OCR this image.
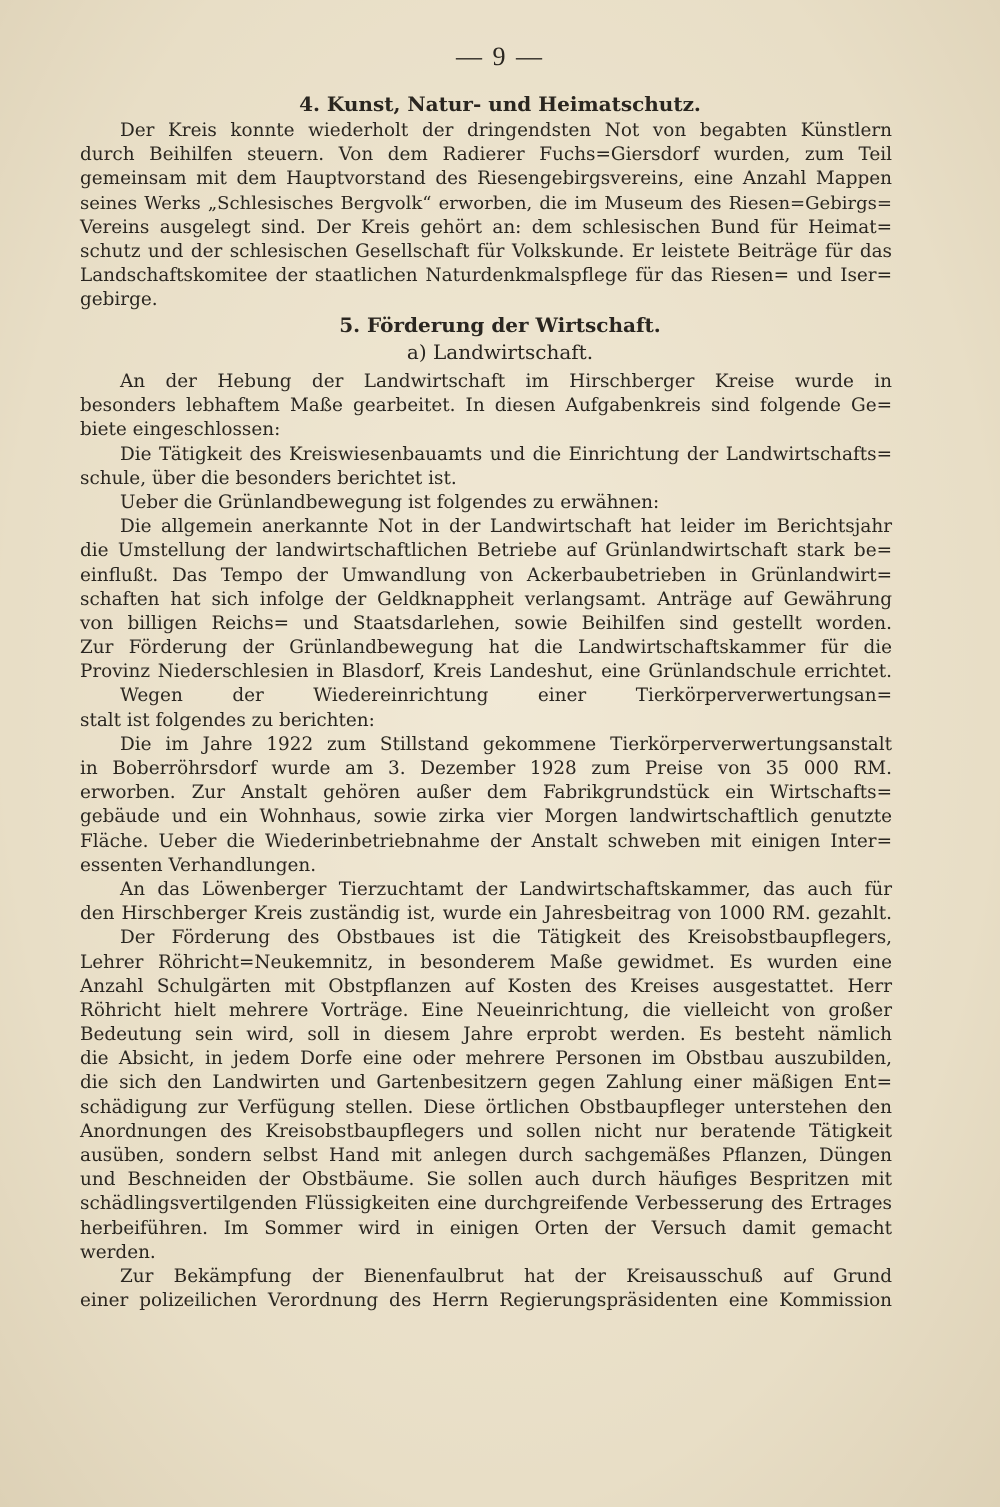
— 9 —
4. Kunst, Natur- und Heimatschutz.
Der Kreis konnte wiederholt der dringendsten Not von begabten Künstlern
durch Beihilfen steuern. Von dem Radierer Fuchs=Giersdorf wurden, zum Teil
gemeinsam mit dem Hauptvorstand des Riesengebirgsvereins, eine Anzahl Mappen
seines Werks „Schlesisches Bergvolk“ erworben, die im Museum des Riesen=Gebirgs=
Vereins ausgelegt sind. Der Kreis gehört an: dem schlesischen Bund für Heimat=
schutz und der schlesischen Gesellschaft für Volkskunde. Er leistete Beiträge für das
Landschaftskomitee der staatlichen Naturdenkmalspflege für das Riesen= und Iser=
gebirge.
5. Förderung der Wirtschaft.
a) Landwirtschaft.
An der Hebung der Landwirtschaft im Hirschberger Kreise wurde in
besonders lebhaftem Maße gearbeitet. In diesen Aufgabenkreis sind folgende Ge=
biete eingeschlossen:
Die Tätigkeit des Kreiswiesenbauamts und die Einrichtung der Landwirtschafts=
schule, über die besonders berichtet ist.
Ueber die Grünlandbewegung ist folgendes zu erwähnen:
Die allgemein anerkannte Not in der Landwirtschaft hat leider im Berichtsjahr
die Umstellung der landwirtschaftlichen Betriebe auf Grünlandwirtschaft stark be=
einflußt. Das Tempo der Umwandlung von Ackerbaubetrieben in Grünlandwirt=
schaften hat sich infolge der Geldknappheit verlangsamt. Anträge auf Gewährung
von billigen Reichs= und Staatsdarlehen, sowie Beihilfen sind gestellt worden.
Zur Förderung der Grünlandbewegung hat die Landwirtschaftskammer für die
Provinz Niederschlesien in Blasdorf, Kreis Landeshut, eine Grünlandschule errichtet.
Wegen der Wiedereinrichtung einer Tierkörperverwertungsan=
stalt ist folgendes zu berichten:
Die im Jahre 1922 zum Stillstand gekommene Tierkörperverwertungsanstalt
in Boberröhrsdorf wurde am 3. Dezember 1928 zum Preise von 35 000 RM.
erworben. Zur Anstalt gehören außer dem Fabrikgrundstück ein Wirtschafts=
gebäude und ein Wohnhaus, sowie zirka vier Morgen landwirtschaftlich genutzte
Fläche. Ueber die Wiederinbetriebnahme der Anstalt schweben mit einigen Inter=
essenten Verhandlungen.
An das Löwenberger Tierzuchtamt der Landwirtschaftskammer, das auch für
den Hirschberger Kreis zuständig ist, wurde ein Jahresbeitrag von 1000 RM. gezahlt.
Der Förderung des Obstbaues ist die Tätigkeit des Kreisobstbaupflegers,
Lehrer Röhricht=Neukemnitz, in besonderem Maße gewidmet. Es wurden eine
Anzahl Schulgärten mit Obstpflanzen auf Kosten des Kreises ausgestattet. Herr
Röhricht hielt mehrere Vorträge. Eine Neueinrichtung, die vielleicht von großer
Bedeutung sein wird, soll in diesem Jahre erprobt werden. Es besteht nämlich
die Absicht, in jedem Dorfe eine oder mehrere Personen im Obstbau auszubilden,
die sich den Landwirten und Gartenbesitzern gegen Zahlung einer mäßigen Ent=
schädigung zur Verfügung stellen. Diese örtlichen Obstbaupfleger unterstehen den
Anordnungen des Kreisobstbaupflegers und sollen nicht nur beratende Tätigkeit
ausüben, sondern selbst Hand mit anlegen durch sachgemäßes Pflanzen, Düngen
und Beschneiden der Obstbäume. Sie sollen auch durch häufiges Bespritzen mit
schädlingsvertilgenden Flüssigkeiten eine durchgreifende Verbesserung des Ertrages
herbeiführen. Im Sommer wird in einigen Orten der Versuch damit gemacht
werden.
Zur Bekämpfung der Bienenfaulbrut hat der Kreisausschuß auf Grund
einer polizeilichen Verordnung des Herrn Regierungspräsidenten eine Kommission
